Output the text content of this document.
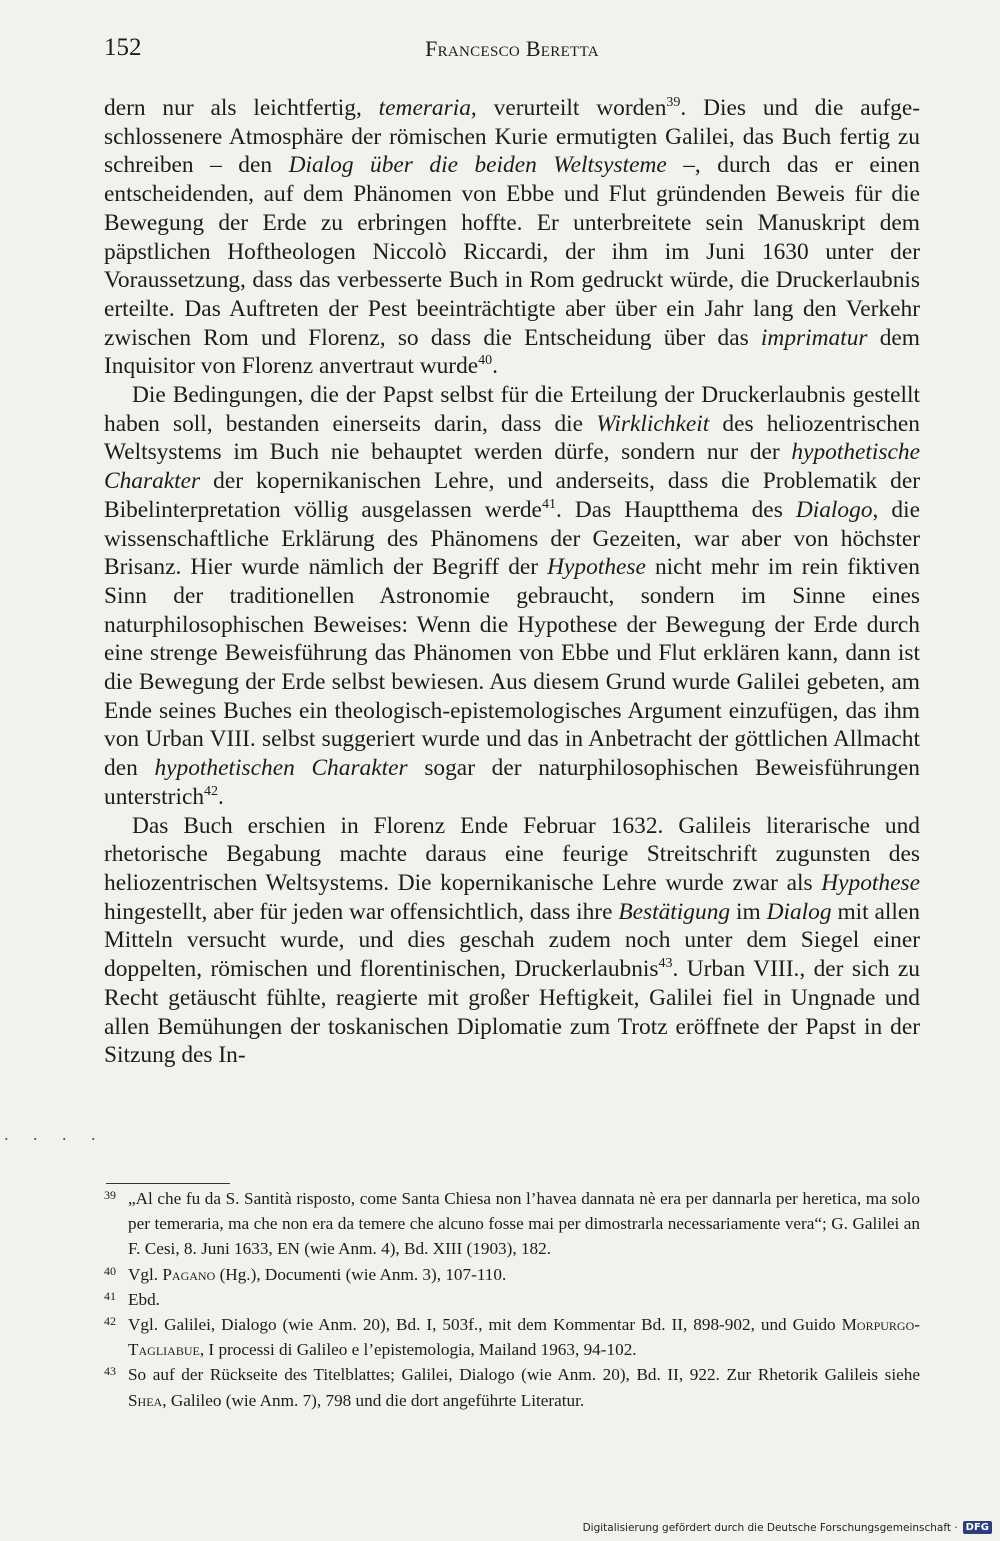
152	Francesco Beretta

dern nur als leichtfertig, temeraria, verurteilt worden$^{39}$. Dies und die aufgeschlossenere Atmosphäre der römischen Kurie ermutigten Galilei, das Buch fertig zu schreiben – den Dialog über die beiden Weltsysteme –, durch das er einen entscheidenden, auf dem Phänomen von Ebbe und Flut gründenden Beweis für die Bewegung der Erde zu erbringen hoffte. Er unterbreitete sein Manuskript dem päpstlichen Hoftheologen Niccolò Riccardi, der ihm im Juni 1630 unter der Voraussetzung, dass das verbesserte Buch in Rom gedruckt würde, die Druckerlaubnis erteilte. Das Auftreten der Pest beeinträchtigte aber über ein Jahr lang den Verkehr zwischen Rom und Florenz, so dass die Entscheidung über das imprimatur dem Inquisitor von Florenz anvertraut wurde$^{40}$.

Die Bedingungen, die der Papst selbst für die Erteilung der Druckerlaubnis gestellt haben soll, bestanden einerseits darin, dass die Wirklichkeit des heliozentrischen Weltsystems im Buch nie behauptet werden dürfe, sondern nur der hypothetische Charakter der kopernikanischen Lehre, und anderseits, dass die Problematik der Bibelinterpretation völlig ausgelassen werde$^{41}$. Das Hauptthema des Dialogo, die wissenschaftliche Erklärung des Phänomens der Gezeiten, war aber von höchster Brisanz. Hier wurde nämlich der Begriff der Hypothese nicht mehr im rein fiktiven Sinn der traditionellen Astronomie gebraucht, sondern im Sinne eines naturphilosophischen Beweises: Wenn die Hypothese der Bewegung der Erde durch eine strenge Beweisführung das Phänomen von Ebbe und Flut erklären kann, dann ist die Bewegung der Erde selbst bewiesen. Aus diesem Grund wurde Galilei gebeten, am Ende seines Buches ein theologisch-epistemologisches Argument einzufügen, das ihm von Urban VIII. selbst suggeriert wurde und das in Anbetracht der göttlichen Allmacht den hypothetischen Charakter sogar der naturphilosophischen Beweisführungen unterstrich$^{42}$.

Das Buch erschien in Florenz Ende Februar 1632. Galileis literarische und rhetorische Begabung machte daraus eine feurige Streitschrift zugunsten des heliozentrischen Weltsystems. Die kopernikanische Lehre wurde zwar als Hypothese hingestellt, aber für jeden war offensichtlich, dass ihre Bestätigung im Dialog mit allen Mitteln versucht wurde, und dies geschah zudem noch unter dem Siegel einer doppelten, römischen und florentinischen, Druckerlaubnis$^{43}$. Urban VIII., der sich zu Recht getäuscht fühlte, reagierte mit großer Heftigkeit, Galilei fiel in Ungnade und allen Bemühungen der toskanischen Diplomatie zum Trotz eröffnete der Papst in der Sitzung des In-

. . . .
39 „Al che fu da S. Santità risposto, come Santa Chiesa non l’havea dannata nè era per dannarla per heretica, ma solo per temeraria, ma che non era da temere che alcuno fosse mai per dimostrarla necessariamente vera“; G. Galilei an F. Cesi, 8. Juni 1633, EN (wie Anm. 4), Bd. XIII (1903), 182.
40 Vgl. Pagano (Hg.), Documenti (wie Anm. 3), 107-110.
41 Ebd.
42 Vgl. Galilei, Dialogo (wie Anm. 20), Bd. I, 503f., mit dem Kommentar Bd. II, 898-902, und Guido Morpurgo-Tagliabue, I processi di Galileo e l’epistemologia, Mailand 1963, 94-102.
43 So auf der Rückseite des Titelblattes; Galilei, Dialogo (wie Anm. 20), Bd. II, 922. Zur Rhetorik Galileis siehe Shea, Galileo (wie Anm. 7), 798 und die dort angeführte Literatur.
Digitalisierung gefördert durch die Deutsche Forschungsgemeinschaft · DFG
